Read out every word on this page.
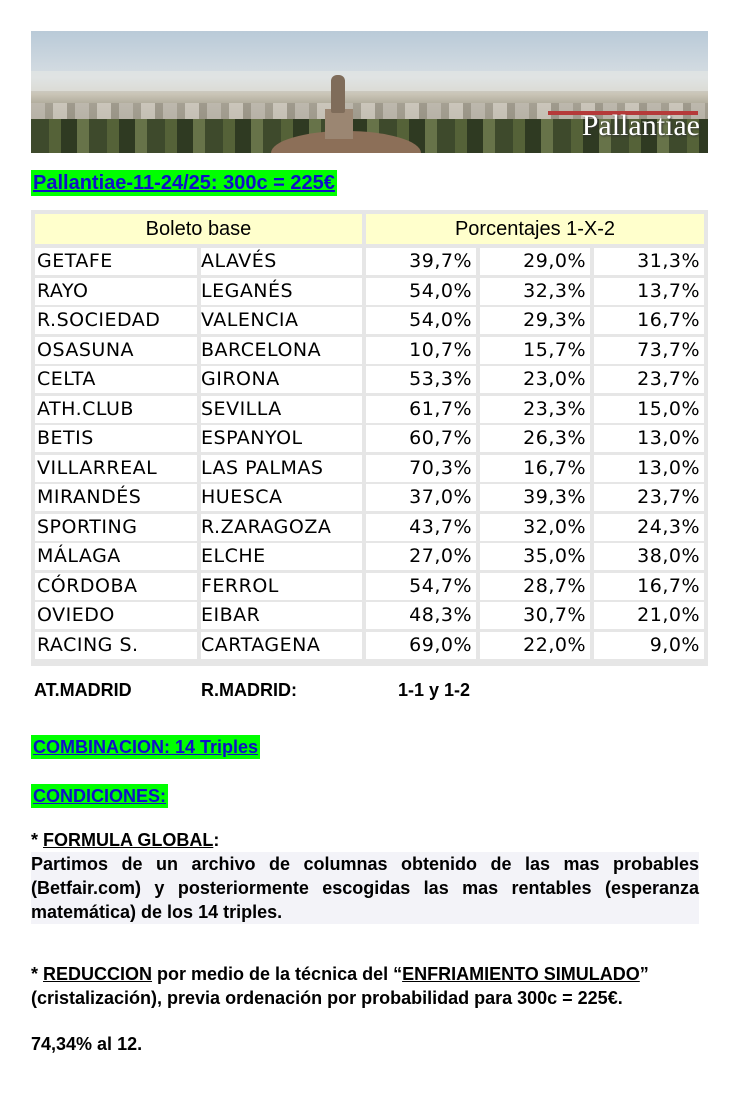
Pallantiae
Pallantiae-11-24/25: 300c = 225€
Boleto base	Porcentajes 1-X-2
GETAFE	ALAVÉS	39,7%	29,0%	31,3%
RAYO	LEGANÉS	54,0%	32,3%	13,7%
R.SOCIEDAD	VALENCIA	54,0%	29,3%	16,7%
OSASUNA	BARCELONA	10,7%	15,7%	73,7%
CELTA	GIRONA	53,3%	23,0%	23,7%
ATH.CLUB	SEVILLA	61,7%	23,3%	15,0%
BETIS	ESPANYOL	60,7%	26,3%	13,0%
VILLARREAL	LAS PALMAS	70,3%	16,7%	13,0%
MIRANDÉS	HUESCA	37,0%	39,3%	23,7%
SPORTING	R.ZARAGOZA	43,7%	32,0%	24,3%
MÁLAGA	ELCHE	27,0%	35,0%	38,0%
CÓRDOBA	FERROL	54,7%	28,7%	16,7%
OVIEDO	EIBAR	48,3%	30,7%	21,0%
RACING S.	CARTAGENA	69,0%	22,0%	9,0%
AT.MADRID	R.MADRID:	1-1 y 1-2
COMBINACION: 14 Triples
CONDICIONES:
* FORMULA GLOBAL:
Partimos de un archivo de columnas obtenido de las mas probables (Betfair.com) y posteriormente escogidas las mas rentables (esperanza matemática) de los 14 triples.
* REDUCCION por medio de la técnica del “ENFRIAMIENTO SIMULADO” (cristalización), previa ordenación por probabilidad para 300c = 225€.
74,34% al 12.
